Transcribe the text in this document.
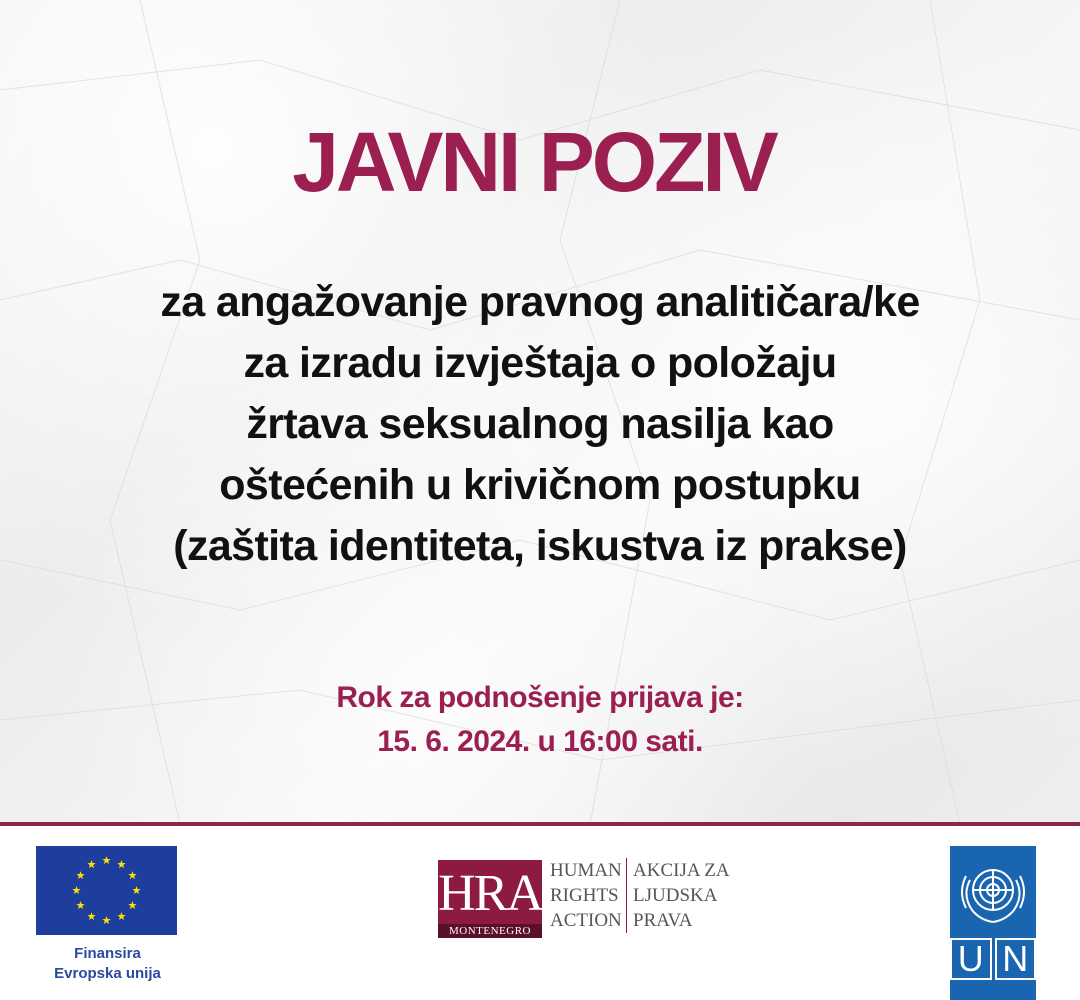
JAVNI POZIV
za angažovanje pravnog analitičara/ke
za izradu izvještaja o položaju
žrtava seksualnog nasilja kao
oštećenih u krivičnom postupku
(zaštita identiteta, iskustva iz prakse)
Rok za podnošenje prijava je:
15. 6. 2024. u 16:00 sati.
Finansira
Evropska unija
HRA
MONTENEGRO
HUMAN
RIGHTS
ACTION
AKCIJA ZA
LJUDSKA
PRAVA
U N
